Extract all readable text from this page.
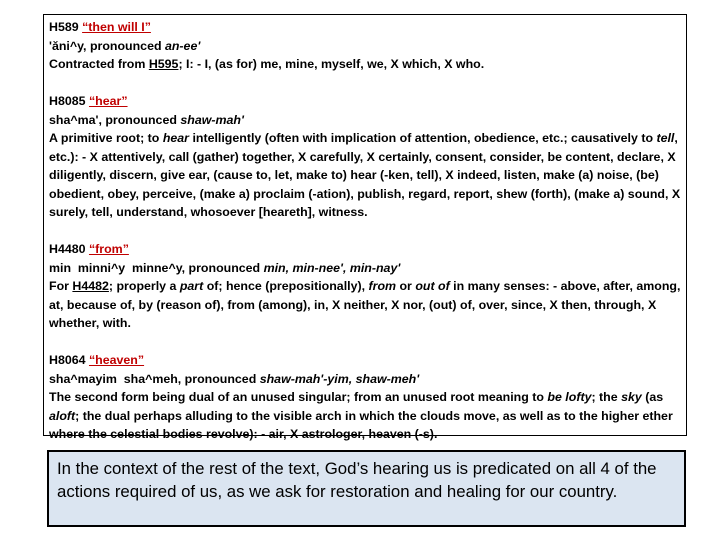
H589 “then will I”

'ăni^y, pronounced an-ee'

Contracted from H595; I: - I, (as for) me, mine, myself, we, X which, X who.

H8085 “hear”

sha^ma', pronounced shaw-mah'

A primitive root; to hear intelligently (often with implication of attention, obedience, etc.; causatively to tell, etc.): - X attentively, call (gather) together, X carefully, X certainly, consent, consider, be content, declare, X diligently, discern, give ear, (cause to, let, make to) hear (-ken, tell), X indeed, listen, make (a) noise, (be) obedient, obey, perceive, (make a) proclaim (-ation), publish, regard, report, shew (forth), (make a) sound, X surely, tell, understand, whosoever [heareth], witness.

H4480 “from”

min  minni^y  minne^y, pronounced min, min-nee', min-nay'

For H4482; properly a part of; hence (prepositionally), from or out of in many senses: - above, after, among, at, because of, by (reason of), from (among), in, X neither, X nor, (out) of, over, since, X then, through, X whether, with.

H8064 “heaven”

sha^mayim  sha^meh, pronounced shaw-mah'-yim, shaw-meh'

The second form being dual of an unused singular; from an unused root meaning to be lofty; the sky (as aloft; the dual perhaps alluding to the visible arch in which the clouds move, as well as to the higher ether where the celestial bodies revolve): - air, X astrologer, heaven (-s).

In the context of the rest of the text, God’s hearing us is predicated on all 4 of the actions required of us, as we ask for restoration and healing for our country.
